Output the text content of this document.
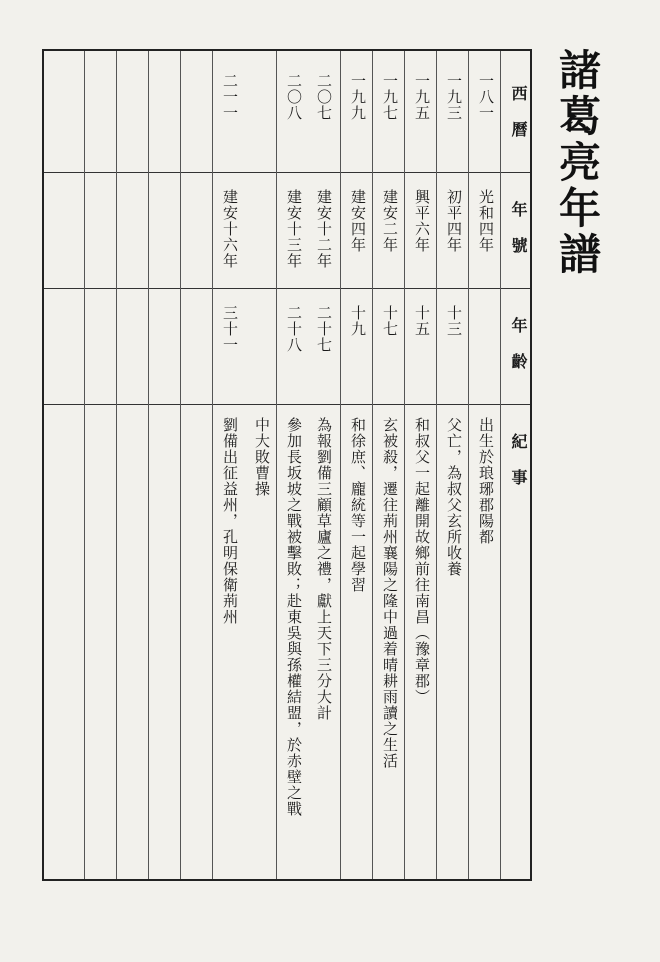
諸葛亮年譜
西曆
年號
年齡
紀事
一八一
光和四年
出生於琅琊郡陽都
一九三
初平四年
十三
父亡，為叔父玄所收養
一九五
興平六年
十五
和叔父一起離開故鄉前往南昌（豫章郡）
一九七
建安二年
十七
玄被殺，遷往荊州襄陽之隆中過着晴耕雨讀之生活
一九九
建安四年
十九
和徐庶、龐統等一起學習
二〇七
建安十二年
二十七
為報劉備三顧草廬之禮，獻上天下三分大計
二〇八
建安十三年
二十八
參加長坂坡之戰被擊敗；赴東吳與孫權結盟，於赤壁之戰
中大敗曹操
二一一
建安十六年
三十一
劉備出征益州，孔明保衛荊州
